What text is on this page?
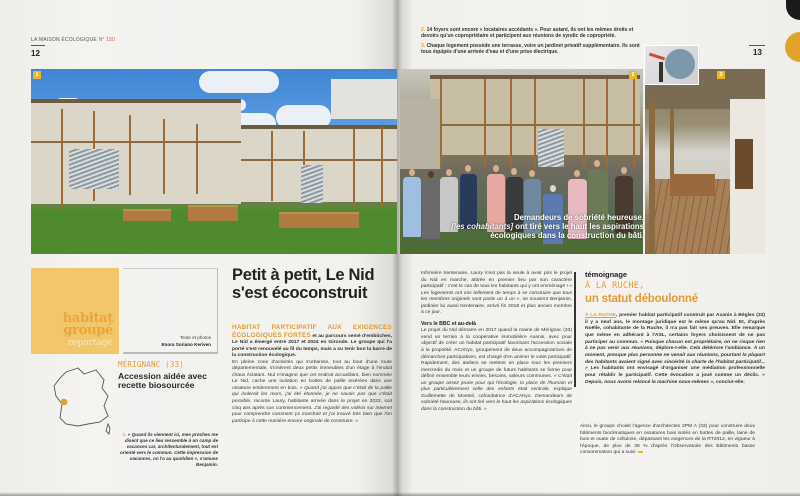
LA MAISON ÉCOLOGIQUE N° 150
12	13

2. 14 foyers sont encore « locataires accédants ». Pour autant, ils ont les mêmes droits et devoirs qu'un copropriétaire et participent aux réunions de syndic de copropriété.

3. Chaque logement possède une terrasse, voire un jardinet privatif supplémentaire. Ils sont tous équipés d'une arrivée d'eau et d'une prise électrique.

1	2	3
Demandeurs de sobriété heureuse,
[les cohabitants] ont tiré vers le haut les aspirations écologiques dans la construction du bâti.
habitat
groupé
reportage
Texte et photos
Enora Soriano Keriven
MÉRIGNANC (33)
Accession aidée avec recette biosourcée
1. « Quand ils viennent ici, mes proches me disent que ce lieu ressemble à un camp de vacances car, architecturalement, tout est orienté vers le commun. Cette impression de vacances, on l'a au quotidien », s'amuse Benjamin.
Petit à petit, Le Nid s'est écoconstruit

HABITAT PARTICIPATIF AUX EXIGENCES ÉCOLOGIQUES FORTES et au parcours semé d'embûches, Le Nid a émergé entre 2017 et 2024 en Gironde. Le groupe qui l'a porté s'est renouvelé au fil du temps, mais a su tenir bon la barre de la construction écologique.

En pleine zone d'activités qui s'urbanise, tout au bout d'une route départementale, s'insèrent deux petits immeubles d'un étage à l'enduit chaux éclatant. Nul n'imagine que cet endroit accueillant, bien nommée Le Nid, cache une isolation en bottes de paille insérées dans une ossature entièrement en bois. « Quand j'ai appris que c'était de la paille qui isolerait les murs, j'ai été étonnée, je ne savais pas que c'était possible, raconte Laury, habitante arrivée dans le projet en 2022, soit cinq ans après son commencement. J'ai regardé des vidéos sur internet pour comprendre comment ça marchait et j'ai trouvé très bien que l'on participe à cette manière encore originale de construire. »

Infirmière trentenaire, Laury n'est pas la seule à avoir pris le projet du Nid en marche, attirée en premier lieu par son caractère participatif : c'est le cas de tous les habitants qui y ont emménagé ! « Les logements ont mis tellement de temps à se construire que tous les membres originels sont partis un à un », se souvient Benjamin, jardinier lui aussi trentenaire, arrivé fin 2018 et plus ancien membre à ce jour.

Vers le BBC et au-delà

Le projet du Nid démarre en 2017 quand la mairie de Mérignac (33) vend un terrain à la coopérative immobilière Axanis, avec pour objectif de créer un habitat participatif favorisant l'accession sociale à la propriété. ACAtryo, groupement de deux accompagnatrices de démarches participatives, est chargé d'en animer le volet participatif. Rapidement, des ateliers se mettent en place tous les premiers mercredis du mois et un groupe de futurs habitants se forme pour définir ensemble leurs envies, besoins, valeurs communes. « C'était un groupe assez jeune pour qui l'écologie, la place de l'humain et plus particulièrement celle des enfants était centrale, explique Guillemette de Monteil, cofondatrice d'ACAtryo. Demandeurs de sobriété heureuse, ils ont tiré vers le haut les aspirations écologiques dans la construction du bâti. »

témoignage
À LA RUCHE,
un statut déboulonné
À LA RUCHE, premier habitat participatif construit par Axanis à Bègles (33) il y a neuf ans, le montage juridique est le même qu'au Nid. Et, d'après Noëlle, cohabitante de la Ruche, il n'a pas fait ses preuves. Elle remarque que même en adhérant à l'ASL, certains foyers choisissent de ne pas participer au commun. « Puisque chacun est propriétaire, on ne risque rien à ne pas venir aux réunions, déplore-t-elle. Cela détériore l'ambiance. À un moment, presque plus personne ne venait aux réunions, pourtant la plupart des habitants avaient signé avec sincérité la charte de l'habitat participatif... » Les habitants ont envisagé d'organiser une médiation professionnelle pour rétablir le participatif. Cette évocation a joué comme un déclic. « Depuis, nous avons relancé la machine nous-mêmes », conclut-elle.

Ainsi, le groupe choisit l'agence d'architectes 2PM A (33) pour construire deux bâtiments bioclimatiques en ossatures bois isolés en bottes de paille, laine de bois et ouate de cellulose, dépassant les exigences de la RT2012, en vigueur à l'époque, de plus de 38 % d'après l'Observatoire des Bâtiments basse consommation qui a suivi
